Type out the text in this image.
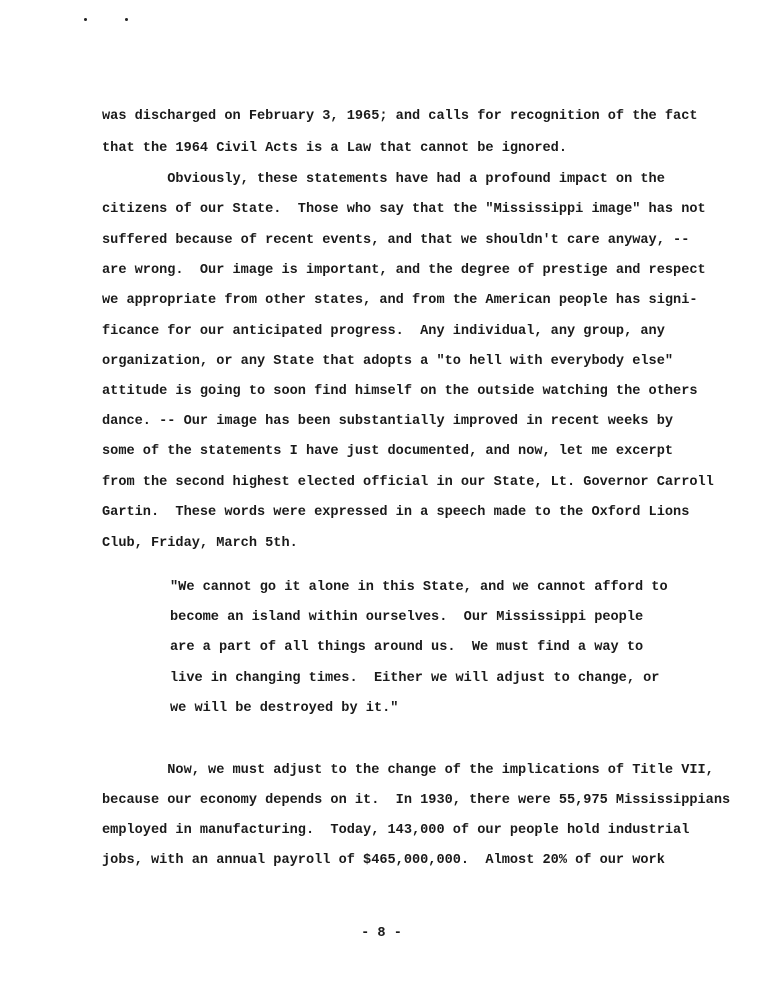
was discharged on February 3, 1965; and calls for recognition of the fact
that the 1964 Civil Acts is a Law that cannot be ignored.
Obviously, these statements have had a profound impact on the
citizens of our State.  Those who say that the "Mississippi image" has not
suffered because of recent events, and that we shouldn't care anyway, --
are wrong.  Our image is important, and the degree of prestige and respect
we appropriate from other states, and from the American people has signi-
ficance for our anticipated progress.  Any individual, any group, any
organization, or any State that adopts a "to hell with everybody else"
attitude is going to soon find himself on the outside watching the others
dance. -- Our image has been substantially improved in recent weeks by
some of the statements I have just documented, and now, let me excerpt
from the second highest elected official in our State, Lt. Governor Carroll
Gartin.  These words were expressed in a speech made to the Oxford Lions
Club, Friday, March 5th.
"We cannot go it alone in this State, and we cannot afford to
become an island within ourselves.  Our Mississippi people
are a part of all things around us.  We must find a way to
live in changing times.  Either we will adjust to change, or
we will be destroyed by it."
Now, we must adjust to the change of the implications of Title VII,
because our economy depends on it.  In 1930, there were 55,975 Mississippians
employed in manufacturing.  Today, 143,000 of our people hold industrial
jobs, with an annual payroll of $465,000,000.  Almost 20% of our work
- 8 -
